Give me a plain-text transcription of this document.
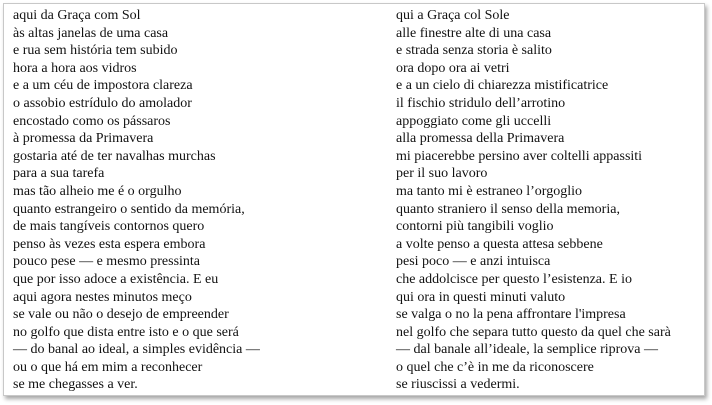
aqui da Graça com Sol
às altas janelas de uma casa
e rua sem história tem subido
hora a hora aos vidros
e a um céu de impostora clareza
o assobio estrídulo do amolador
encostado como os pássaros
à promessa da Primavera
gostaria até de ter navalhas murchas
para a sua tarefa
mas tão alheio me é o orgulho
quanto estrangeiro o sentido da memória,
de mais tangíveis contornos quero
penso às vezes esta espera embora
pouco pese — e mesmo pressinta
que por isso adoce a existência. E eu
aqui agora nestes minutos meço
se vale ou não o desejo de empreender
no golfo que dista entre isto e o que será
— do banal ao ideal, a simples evidência —
ou o que há em mim a reconhecer
se me chegasses a ver.
qui a Graça col Sole
alle finestre alte di una casa
e strada senza storia è salito
ora dopo ora ai vetri
e a un cielo di chiarezza mistificatrice
il fischio stridulo dell’arrotino
appoggiato come gli uccelli
alla promessa della Primavera
mi piacerebbe persino aver coltelli appassiti
per il suo lavoro
ma tanto mi è estraneo l’orgoglio
quanto straniero il senso della memoria,
contorni più tangibili voglio
a volte penso a questa attesa sebbene
pesi poco — e anzi intuisca
che addolcisce per questo l’esistenza. E io
qui ora in questi minuti valuto
se valga o no la pena affrontare l'impresa
nel golfo che separa tutto questo da quel che sarà
— dal banale all’ideale, la semplice riprova —
o quel che c’è in me da riconoscere
se riuscissi a vedermi.
